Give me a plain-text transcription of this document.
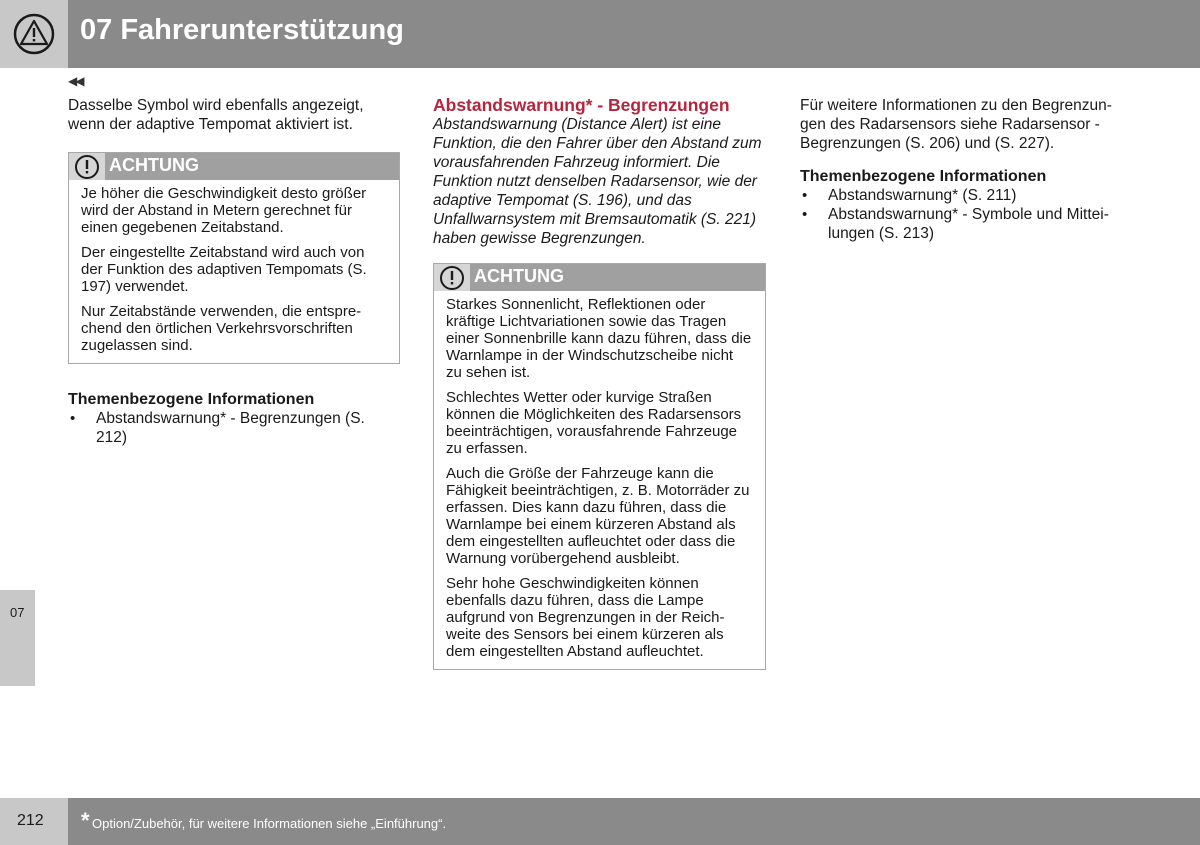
07 Fahrerunterstützung
◀◀

Dasselbe Symbol wird ebenfalls angezeigt, wenn der adaptive Tempomat aktiviert ist.

ACHTUNG

Je höher die Geschwindigkeit desto größer wird der Abstand in Metern gerechnet für einen gegebenen Zeitabstand.

Der eingestellte Zeitabstand wird auch von der Funktion des adaptiven Tempomats (S. 197) verwendet.

Nur Zeitabstände verwenden, die entsprechend den örtlichen Verkehrsvorschriften zugelassen sind.

Themenbezogene Informationen

• Abstandswarnung* - Begrenzungen (S. 212)

Abstandswarnung* - Begrenzungen

Abstandswarnung (Distance Alert) ist eine Funktion, die den Fahrer über den Abstand zum vorausfahrenden Fahrzeug informiert. Die Funktion nutzt denselben Radarsensor, wie der adaptive Tempomat (S. 196), und das Unfallwarnsystem mit Bremsautomatik (S. 221) haben gewisse Begrenzungen.

ACHTUNG

Starkes Sonnenlicht, Reflektionen oder kräftige Lichtvariationen sowie das Tragen einer Sonnenbrille kann dazu führen, dass die Warnlampe in der Windschutzscheibe nicht zu sehen ist.

Schlechtes Wetter oder kurvige Straßen können die Möglichkeiten des Radarsensors beeinträchtigen, vorausfahrende Fahrzeuge zu erfassen.

Auch die Größe der Fahrzeuge kann die Fähigkeit beeinträchtigen, z. B. Motorräder zu erfassen. Dies kann dazu führen, dass die Warnlampe bei einem kürzeren Abstand als dem eingestellten aufleuchtet oder dass die Warnung vorübergehend ausbleibt.

Sehr hohe Geschwindigkeiten können ebenfalls dazu führen, dass die Lampe aufgrund von Begrenzungen in der Reichweite des Sensors bei einem kürzeren als dem eingestellten Abstand aufleuchtet.

Für weitere Informationen zu den Begrenzungen des Radarsensors siehe Radarsensor - Begrenzungen (S. 206) und (S. 227).

Themenbezogene Informationen

• Abstandswarnung* (S. 211)
• Abstandswarnung* - Symbole und Mitteilungen (S. 213)
07
212 * Option/Zubehör, für weitere Informationen siehe „Einführung“.
